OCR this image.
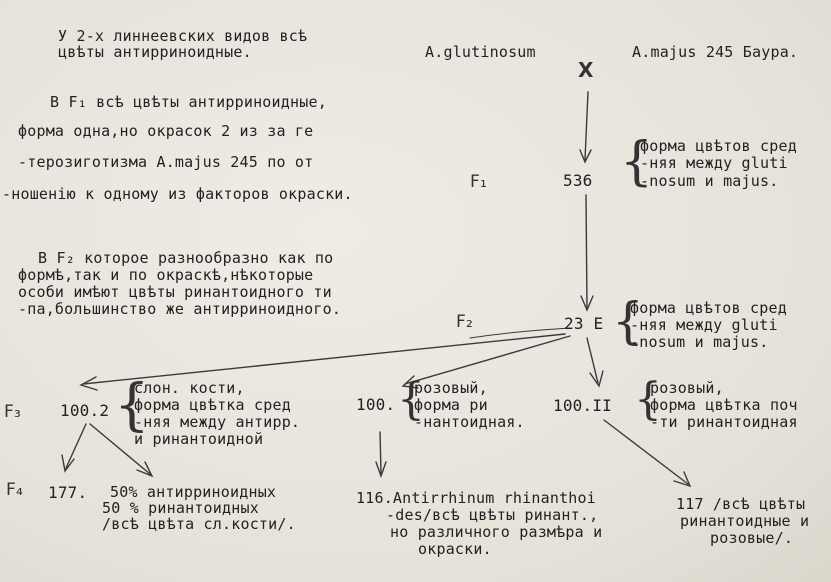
У 2-х линнеевских видов всѣ
цвѣты антирриноидные.	A.glutinosum	A.majus 245 Баура.
X
В F₁ всѣ цвѣты антирриноидные,
форма одна,но окрасок 2 из за ге
-терозиготизма A.majus 245 по от
-ношенiю к одному из факторов окраски.
F₁	536 {
форма цвѣтов сред
-няя между gluti
-nosum и majus.
В F₂ которое разнообразно как по
формѣ,так и по окраскѣ,нѣкоторые
особи имѣют цвѣты ринантоидного ти
-па,большинство же антирриноидного.
F₂	23 E {
форма цвѣтов сред
-няя между gluti
-nosum и majus.
F₃ 100.2 {
слон. кости,
форма цвѣтка сред
-няя между антирр.
и ринантоидной
100. {
розовый,
форма ри
-нантоидная.
100.II {
розовый,
форма цвѣтка поч
-ти ринантоидная
F₄ 177. 50% антирриноидных
50 % ринантоидных
/всѣ цвѣта сл.кости/.
116.Antirrhinum rhinanthoi
-des/всѣ цвѣты ринант.,
но различного размѣра и
окраски.
117 /всѣ цвѣты
ринантоидные и
розовые/.
